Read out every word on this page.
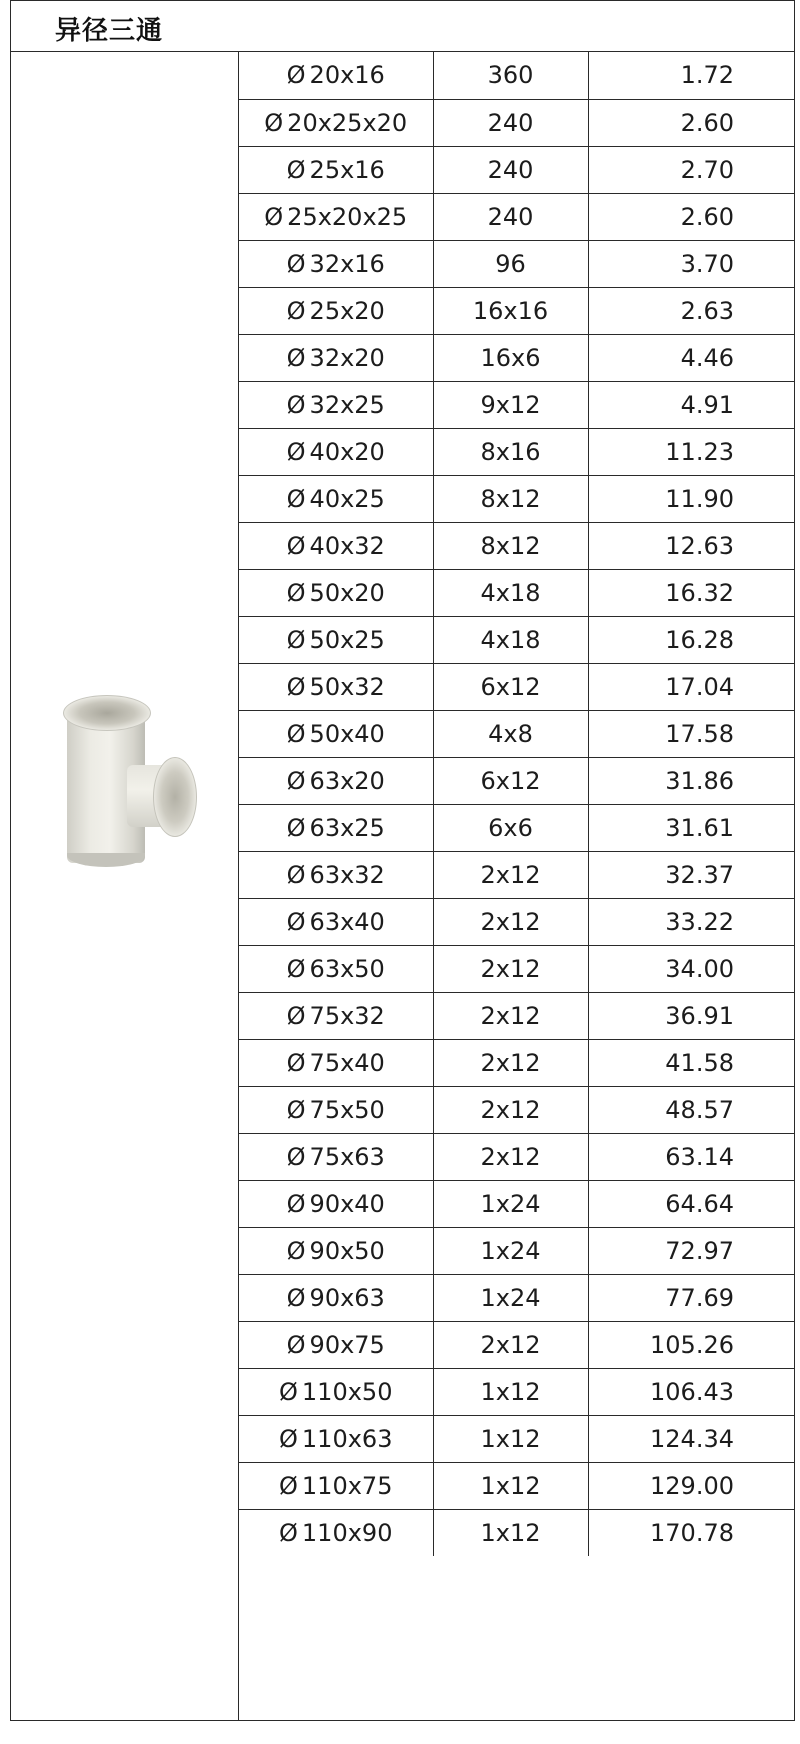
异径三通
Ø 20x16	360	1.72
Ø 20x25x20	240	2.60
Ø 25x16	240	2.70
Ø 25x20x25	240	2.60
Ø 32x16	96	3.70
Ø 25x20	16x16	2.63
Ø 32x20	16x6	4.46
Ø 32x25	9x12	4.91
Ø 40x20	8x16	11.23
Ø 40x25	8x12	11.90
Ø 40x32	8x12	12.63
Ø 50x20	4x18	16.32
Ø 50x25	4x18	16.28
Ø 50x32	6x12	17.04
Ø 50x40	4x8	17.58
Ø 63x20	6x12	31.86
Ø 63x25	6x6	31.61
Ø 63x32	2x12	32.37
Ø 63x40	2x12	33.22
Ø 63x50	2x12	34.00
Ø 75x32	2x12	36.91
Ø 75x40	2x12	41.58
Ø 75x50	2x12	48.57
Ø 75x63	2x12	63.14
Ø 90x40	1x24	64.64
Ø 90x50	1x24	72.97
Ø 90x63	1x24	77.69
Ø 90x75	2x12	105.26
Ø 110x50	1x12	106.43
Ø 110x63	1x12	124.34
Ø 110x75	1x12	129.00
Ø 110x90	1x12	170.78
